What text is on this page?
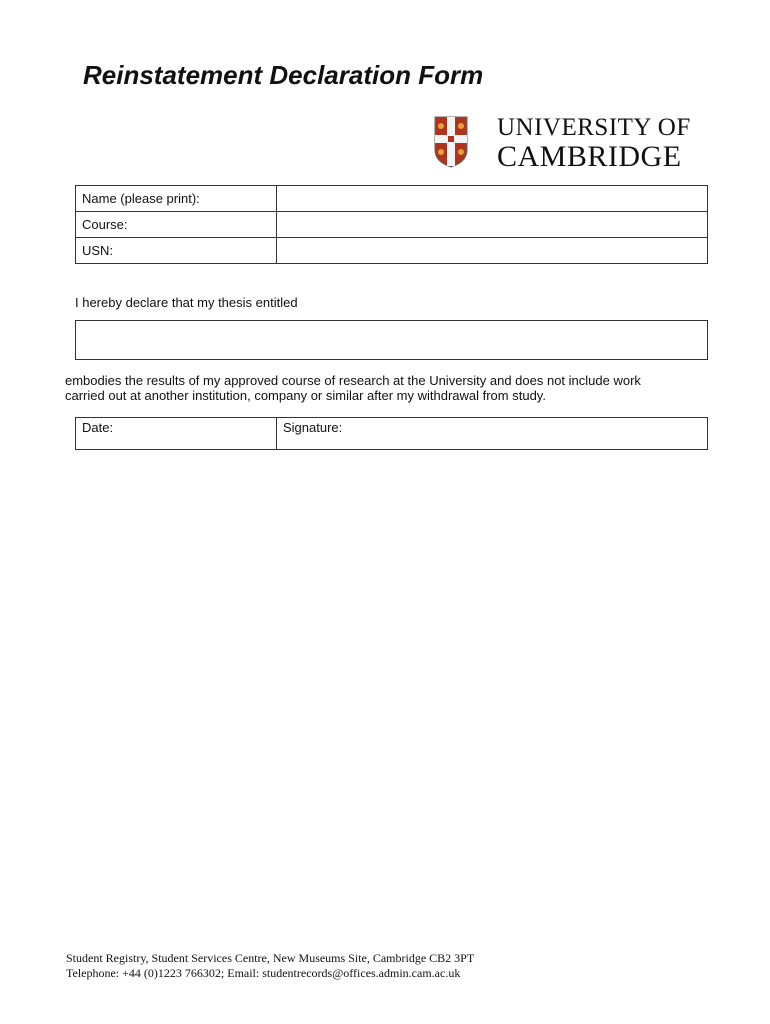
Reinstatement Declaration Form
UNIVERSITY OF
CAMBRIDGE
Name (please print):	
Course:	
USN:	
I hereby declare that my thesis entitled
embodies the results of my approved course of research at the University and does not include work
carried out at another institution, company or similar after my withdrawal from study.
Date:	Signature:
Student Registry, Student Services Centre, New Museums Site, Cambridge CB2 3PT
Telephone: +44 (0)1223 766302; Email: studentrecords@offices.admin.cam.ac.uk
